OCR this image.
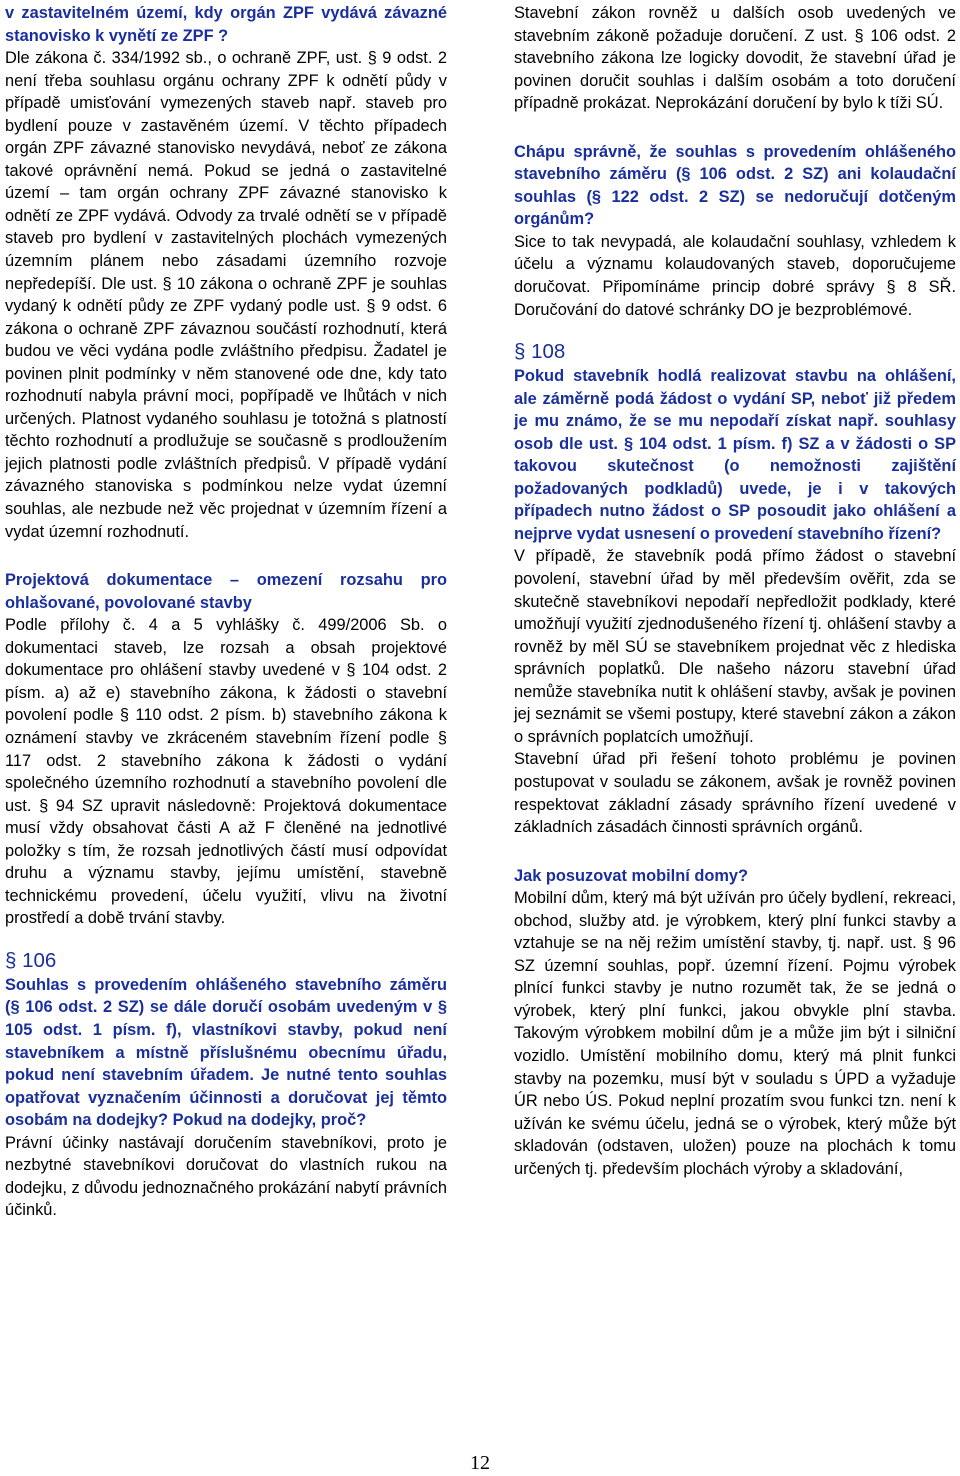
v zastavitelném území, kdy orgán ZPF vydává závazné stanovisko k vynětí ze ZPF ?

Dle zákona č. 334/1992 sb., o ochraně ZPF, ust. § 9 odst. 2 není třeba souhlasu orgánu ochrany ZPF k odnětí půdy v případě umisťování vymezených staveb např. staveb pro bydlení pouze v zastavěném území. V těchto případech orgán ZPF závazné stanovisko nevydává, neboť ze zákona takové oprávnění nemá. Pokud se jedná o zastavitelné území – tam orgán ochrany ZPF závazné stanovisko k odnětí ze ZPF vydává. Odvody za trvalé odnětí se v případě staveb pro bydlení v zastavitelných plochách vymezených územním plánem nebo zásadami územního rozvoje nepředepíší. Dle ust. § 10 zákona o ochraně ZPF je souhlas vydaný k odnětí půdy ze ZPF vydaný podle ust. § 9 odst. 6 zákona o ochraně ZPF závaznou součástí rozhodnutí, která budou ve věci vydána podle zvláštního předpisu. Žadatel je povinen plnit podmínky v něm stanovené ode dne, kdy tato rozhodnutí nabyla právní moci, popřípadě ve lhůtách v nich určených. Platnost vydaného souhlasu je totožná s platností těchto rozhodnutí a prodlužuje se současně s prodloužením jejich platnosti podle zvláštních předpisů. V případě vydání závazného stanoviska s podmínkou nelze vydat územní souhlas, ale nezbude než věc projednat v územním řízení a vydat územní rozhodnutí.

Projektová dokumentace – omezení rozsahu pro ohlašované, povolované stavby

Podle přílohy č. 4 a 5 vyhlášky č. 499/2006 Sb. o dokumentaci staveb, lze rozsah a obsah projektové dokumentace pro ohlášení stavby uvedené v § 104 odst. 2 písm. a) až e) stavebního zákona, k žádosti o stavební povolení podle § 110 odst. 2 písm. b) stavebního zákona k oznámení stavby ve zkráceném stavebním řízení podle § 117 odst. 2 stavebního zákona k žádosti o vydání společného územního rozhodnutí a stavebního povolení dle ust. § 94 SZ upravit následovně: Projektová dokumentace musí vždy obsahovat části A až F členěné na jednotlivé položky s tím, že rozsah jednotlivých částí musí odpovídat druhu a významu stavby, jejímu umístění, stavebně technickému provedení, účelu využití, vlivu na životní prostředí a době trvání stavby.

§ 106

Souhlas s provedením ohlášeného stavebního záměru (§ 106 odst. 2 SZ) se dále doručí osobám uvedeným v § 105 odst. 1 písm. f), vlastníkovi stavby, pokud není stavebníkem a místně příslušnému obecnímu úřadu, pokud není stavebním úřadem. Je nutné tento souhlas opatřovat vyznačením účinnosti a doručovat jej těmto osobám na dodejky? Pokud na dodejky, proč?

Právní účinky nastávají doručením stavebníkovi, proto je nezbytné stavebníkovi doručovat do vlastních rukou na dodejku, z důvodu jednoznačného prokázání nabytí právních účinků.

Stavební zákon rovněž u dalších osob uvedených ve stavebním zákoně požaduje doručení. Z ust. § 106 odst. 2 stavebního zákona lze logicky dovodit, že stavební úřad je povinen doručit souhlas i dalším osobám a toto doručení případně prokázat. Neprokázání doručení by bylo k tíži SÚ.

Chápu správně, že souhlas s provedením ohlášeného stavebního záměru (§ 106 odst. 2 SZ) ani kolaudační souhlas (§ 122 odst. 2 SZ) se nedoručují dotčeným orgánům?

Sice to tak nevypadá, ale kolaudační souhlasy, vzhledem k účelu a významu kolaudovaných staveb, doporučujeme doručovat. Připomínáme princip dobré správy § 8 SŘ. Doručování do datové schránky DO je bezproblémové.

§ 108

Pokud stavebník hodlá realizovat stavbu na ohlášení, ale záměrně podá žádost o vydání SP, neboť již předem je mu známo, že se mu nepodaří získat např. souhlasy osob dle ust. § 104 odst. 1 písm. f) SZ a v žádosti o SP takovou skutečnost (o nemožnosti zajištění požadovaných podkladů) uvede, je i v takových případech nutno žádost o SP posoudit jako ohlášení a nejprve vydat usnesení o provedení stavebního řízení?

V případě, že stavebník podá přímo žádost o stavební povolení, stavební úřad by měl především ověřit, zda se skutečně stavebníkovi nepodaří nepředložit podklady, které umožňují využití zjednodušeného řízení tj. ohlášení stavby a rovněž by měl SÚ se stavebníkem projednat věc z hlediska správních poplatků. Dle našeho názoru stavební úřad nemůže stavebníka nutit k ohlášení stavby, avšak je povinen jej seznámit se všemi postupy, které stavební zákon a zákon o správních poplatcích umožňují.

Stavební úřad při řešení tohoto problému je povinen postupovat v souladu se zákonem, avšak je rovněž povinen respektovat základní zásady správního řízení uvedené v základních zásadách činnosti správních orgánů.

Jak posuzovat mobilní domy?

Mobilní dům, který má být užíván pro účely bydlení, rekreaci, obchod, služby atd. je výrobkem, který plní funkci stavby a vztahuje se na něj režim umístění stavby, tj. např. ust. § 96 SZ územní souhlas, popř. územní řízení. Pojmu výrobek plnící funkci stavby je nutno rozumět tak, že se jedná o výrobek, který plní funkci, jakou obvykle plní stavba. Takovým výrobkem mobilní dům je a může jim být i silniční vozidlo. Umístění mobilního domu, který má plnit funkci stavby na pozemku, musí být v souladu s ÚPD a vyžaduje ÚR nebo ÚS. Pokud neplní prozatím svou funkci tzn. není k užíván ke svému účelu, jedná se o výrobek, který může být skladován (odstaven, uložen) pouze na plochách k tomu určených tj. především plochách výroby a skladování,

12
